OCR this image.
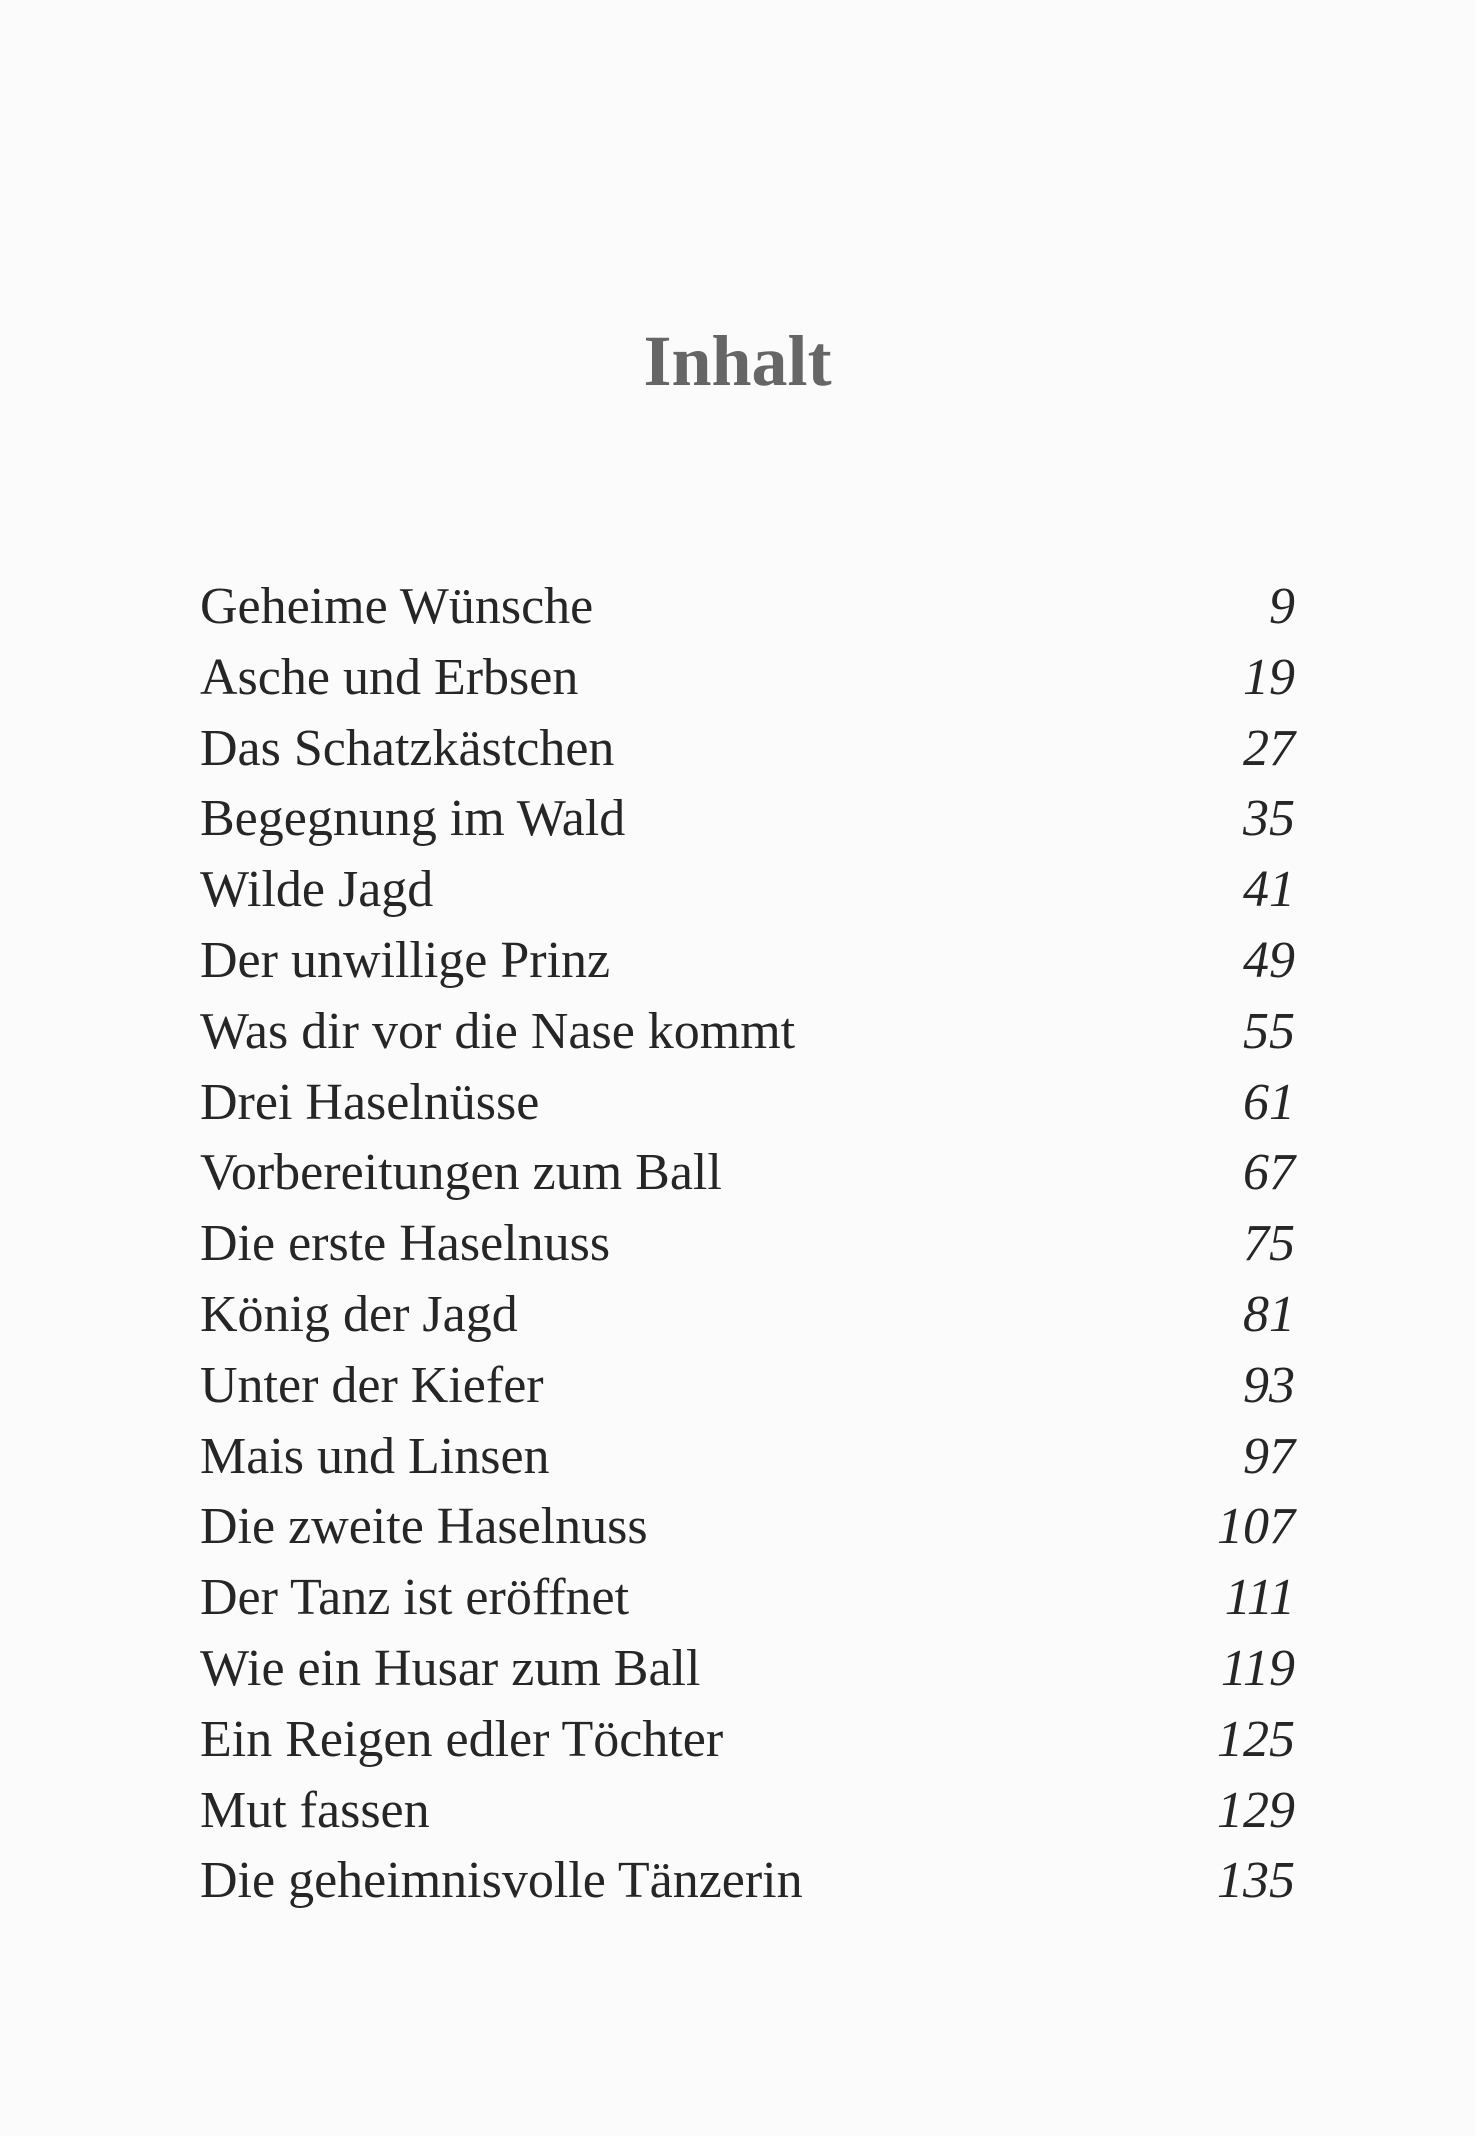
Inhalt
Geheime Wünsche	9
Asche und Erbsen	19
Das Schatzkästchen	27
Begegnung im Wald	35
Wilde Jagd	41
Der unwillige Prinz	49
Was dir vor die Nase kommt	55
Drei Haselnüsse	61
Vorbereitungen zum Ball	67
Die erste Haselnuss	75
König der Jagd	81
Unter der Kiefer	93
Mais und Linsen	97
Die zweite Haselnuss	107
Der Tanz ist eröffnet	111
Wie ein Husar zum Ball	119
Ein Reigen edler Töchter	125
Mut fassen	129
Die geheimnisvolle Tänzerin	135
